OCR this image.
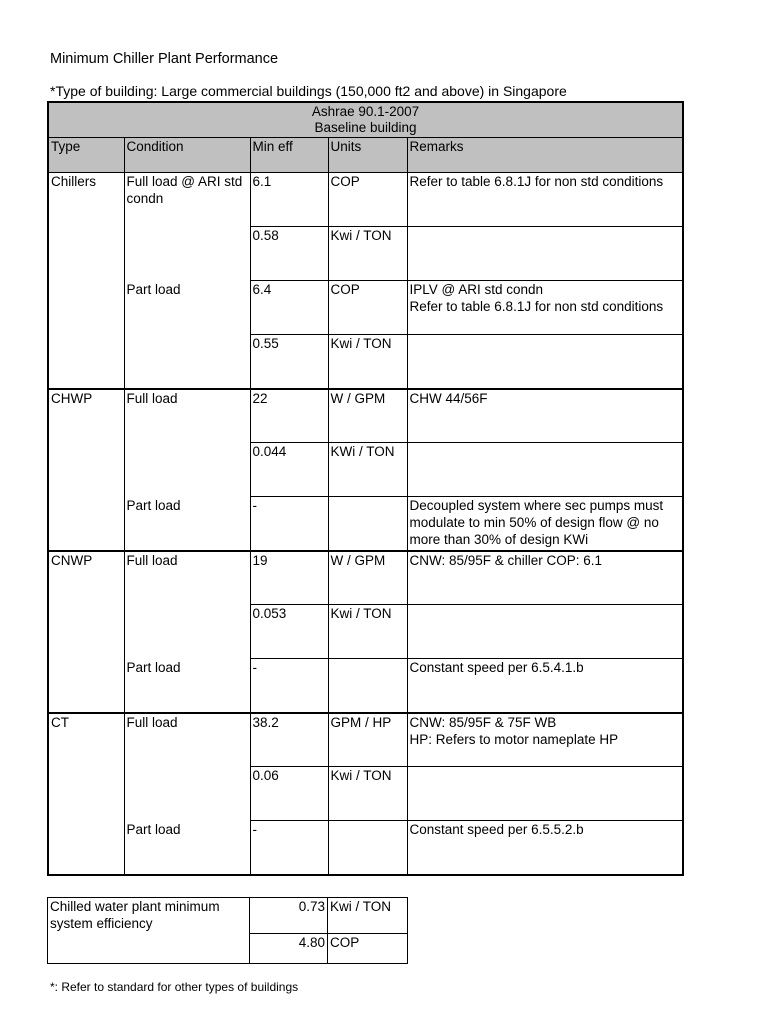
Minimum Chiller Plant Performance
*Type of building: Large commercial buildings (150,000 ft2 and above) in Singapore
Ashrae 90.1-2007
Baseline building				

Type	Condition	Min eff	Units	Remarks
Chillers	Full load @ ARI std condn	6.1	COP	Refer to table 6.8.1J for non std conditions
		0.58	Kwi / TON	
	Part load	6.4	COP	IPLV @ ARI std condn
Refer to table 6.8.1J for non std conditions
		0.55	Kwi / TON	
CHWP	Full load	22	W / GPM	CHW 44/56F
		0.044	KWi / TON	
	Part load	-		Decoupled system where sec pumps must modulate to min 50% of design flow @ no more than 30% of design KWi
CNWP	Full load	19	W / GPM	CNW: 85/95F & chiller COP: 6.1
		0.053	Kwi / TON	
	Part load	-		Constant speed per 6.5.4.1.b
CT	Full load	38.2	GPM / HP	CNW: 85/95F & 75F WB
HP: Refers to motor nameplate HP
		0.06	Kwi / TON	
	Part load	-		Constant speed per 6.5.5.2.b
Chilled water plant minimum system efficiency	0.73	Kwi / TON
	4.80	COP
*: Refer to standard for other types of buildings
